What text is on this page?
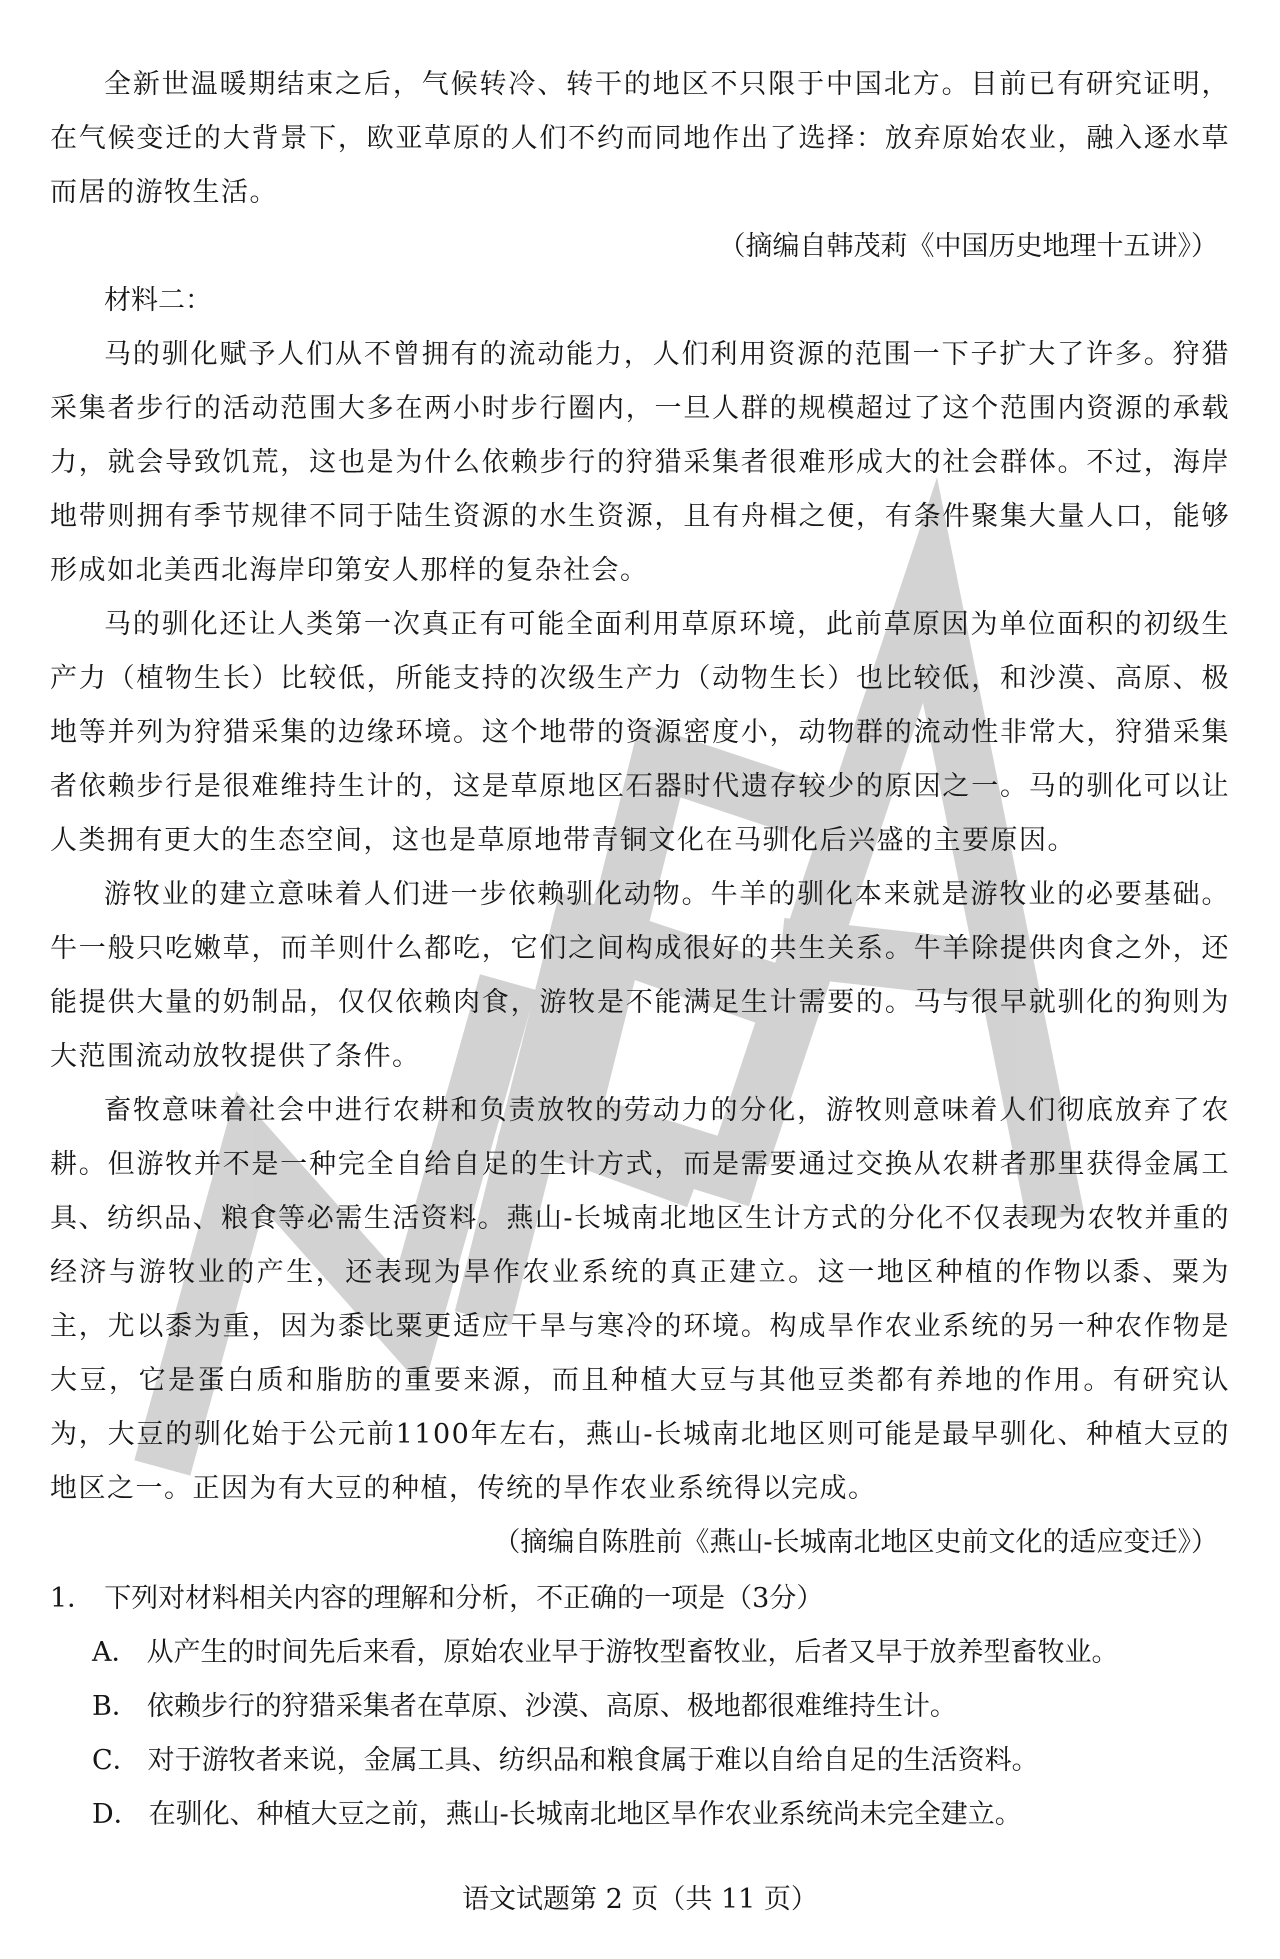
全新世温暖期结束之后，气候转冷、转干的地区不只限于中国北方。目前已有研究证明，在气候变迁的大背景下，欧亚草原的人们不约而同地作出了选择：放弃原始农业，融入逐水草而居的游牧生活。

（摘编自韩茂莉《中国历史地理十五讲》）

材料二：

马的驯化赋予人们从不曾拥有的流动能力，人们利用资源的范围一下子扩大了许多。狩猎采集者步行的活动范围大多在两小时步行圈内，一旦人群的规模超过了这个范围内资源的承载力，就会导致饥荒，这也是为什么依赖步行的狩猎采集者很难形成大的社会群体。不过，海岸地带则拥有季节规律不同于陆生资源的水生资源，且有舟楫之便，有条件聚集大量人口，能够形成如北美西北海岸印第安人那样的复杂社会。

马的驯化还让人类第一次真正有可能全面利用草原环境，此前草原因为单位面积的初级生产力（植物生长）比较低，所能支持的次级生产力（动物生长）也比较低，和沙漠、高原、极地等并列为狩猎采集的边缘环境。这个地带的资源密度小，动物群的流动性非常大，狩猎采集者依赖步行是很难维持生计的，这是草原地区石器时代遗存较少的原因之一。马的驯化可以让人类拥有更大的生态空间，这也是草原地带青铜文化在马驯化后兴盛的主要原因。

游牧业的建立意味着人们进一步依赖驯化动物。牛羊的驯化本来就是游牧业的必要基础。牛一般只吃嫩草，而羊则什么都吃，它们之间构成很好的共生关系。牛羊除提供肉食之外，还能提供大量的奶制品，仅仅依赖肉食，游牧是不能满足生计需要的。马与很早就驯化的狗则为大范围流动放牧提供了条件。

畜牧意味着社会中进行农耕和负责放牧的劳动力的分化，游牧则意味着人们彻底放弃了农耕。但游牧并不是一种完全自给自足的生计方式，而是需要通过交换从农耕者那里获得金属工具、纺织品、粮食等必需生活资料。燕山-长城南北地区生计方式的分化不仅表现为农牧并重的经济与游牧业的产生，还表现为旱作农业系统的真正建立。这一地区种植的作物以黍、粟为主，尤以黍为重，因为黍比粟更适应干旱与寒冷的环境。构成旱作农业系统的另一种农作物是大豆，它是蛋白质和脂肪的重要来源，而且种植大豆与其他豆类都有养地的作用。有研究认为，大豆的驯化始于公元前1100年左右，燕山-长城南北地区则可能是最早驯化、种植大豆的地区之一。正因为有大豆的种植，传统的旱作农业系统得以完成。

（摘编自陈胜前《燕山-长城南北地区史前文化的适应变迁》）

1． 下列对材料相关内容的理解和分析，不正确的一项是（3分）

A． 从产生的时间先后来看，原始农业早于游牧型畜牧业，后者又早于放养型畜牧业。

B． 依赖步行的狩猎采集者在草原、沙漠、高原、极地都很难维持生计。

C． 对于游牧者来说，金属工具、纺织品和粮食属于难以自给自足的生活资料。

D． 在驯化、种植大豆之前，燕山-长城南北地区旱作农业系统尚未完全建立。

语文试题第 2 页（共 11 页）
